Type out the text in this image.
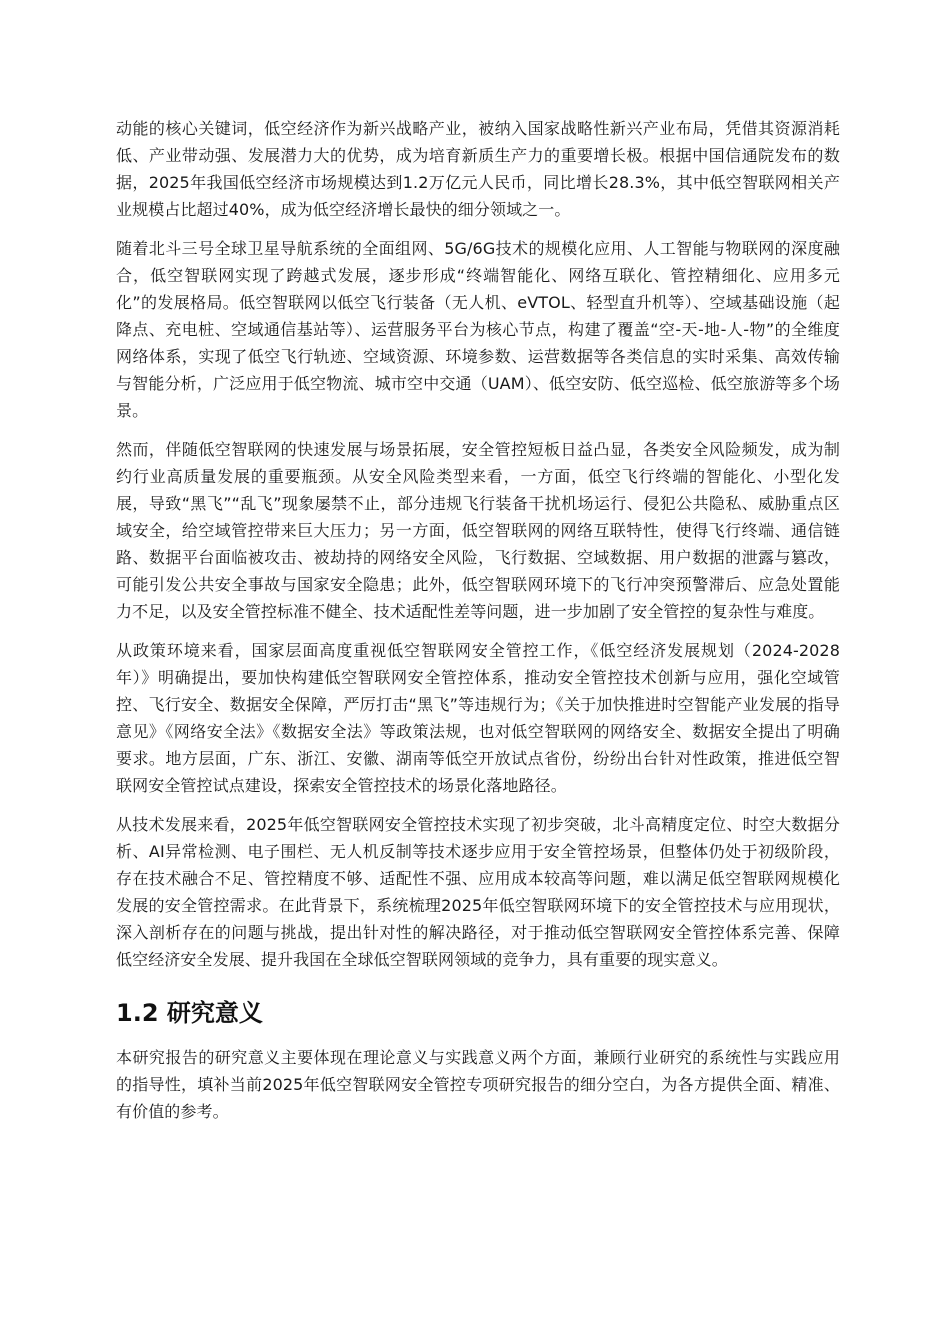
动能的核心关键词，低空经济作为新兴战略产业，被纳入国家战略性新兴产业布局，凭借其资源消耗低、产业带动强、发展潜力大的优势，成为培育新质生产力的重要增长极。根据中国信通院发布的数据，2025年我国低空经济市场规模达到1.2万亿元人民币，同比增长28.3%，其中低空智联网相关产业规模占比超过40%，成为低空经济增长最快的细分领域之一。

随着北斗三号全球卫星导航系统的全面组网、5G/6G技术的规模化应用、人工智能与物联网的深度融合，低空智联网实现了跨越式发展，逐步形成“终端智能化、网络互联化、管控精细化、应用多元化”的发展格局。低空智联网以低空飞行装备（无人机、eVTOL、轻型直升机等）、空域基础设施（起降点、充电桩、空域通信基站等）、运营服务平台为核心节点，构建了覆盖“空-天-地-人-物”的全维度网络体系，实现了低空飞行轨迹、空域资源、环境参数、运营数据等各类信息的实时采集、高效传输与智能分析，广泛应用于低空物流、城市空中交通（UAM）、低空安防、低空巡检、低空旅游等多个场景。

然而，伴随低空智联网的快速发展与场景拓展，安全管控短板日益凸显，各类安全风险频发，成为制约行业高质量发展的重要瓶颈。从安全风险类型来看，一方面，低空飞行终端的智能化、小型化发展，导致“黑飞”“乱飞”现象屡禁不止，部分违规飞行装备干扰机场运行、侵犯公共隐私、威胁重点区域安全，给空域管控带来巨大压力；另一方面，低空智联网的网络互联特性，使得飞行终端、通信链路、数据平台面临被攻击、被劫持的网络安全风险，飞行数据、空域数据、用户数据的泄露与篡改，可能引发公共安全事故与国家安全隐患；此外，低空智联网环境下的飞行冲突预警滞后、应急处置能力不足，以及安全管控标准不健全、技术适配性差等问题，进一步加剧了安全管控的复杂性与难度。

从政策环境来看，国家层面高度重视低空智联网安全管控工作，《低空经济发展规划（2024-2028年）》明确提出，要加快构建低空智联网安全管控体系，推动安全管控技术创新与应用，强化空域管控、飞行安全、数据安全保障，严厉打击“黑飞”等违规行为；《关于加快推进时空智能产业发展的指导意见》《网络安全法》《数据安全法》等政策法规，也对低空智联网的网络安全、数据安全提出了明确要求。地方层面，广东、浙江、安徽、湖南等低空开放试点省份，纷纷出台针对性政策，推进低空智联网安全管控试点建设，探索安全管控技术的场景化落地路径。

从技术发展来看，2025年低空智联网安全管控技术实现了初步突破，北斗高精度定位、时空大数据分析、AI异常检测、电子围栏、无人机反制等技术逐步应用于安全管控场景，但整体仍处于初级阶段，存在技术融合不足、管控精度不够、适配性不强、应用成本较高等问题，难以满足低空智联网规模化发展的安全管控需求。在此背景下，系统梳理2025年低空智联网环境下的安全管控技术与应用现状，深入剖析存在的问题与挑战，提出针对性的解决路径，对于推动低空智联网安全管控体系完善、保障低空经济安全发展、提升我国在全球低空智联网领域的竞争力，具有重要的现实意义。

1.2 研究意义

本研究报告的研究意义主要体现在理论意义与实践意义两个方面，兼顾行业研究的系统性与实践应用的指导性，填补当前2025年低空智联网安全管控专项研究报告的细分空白，为各方提供全面、精准、有价值的参考。
